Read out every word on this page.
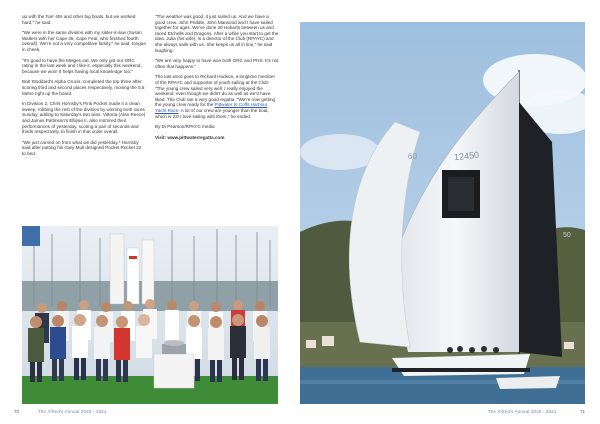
up with the Farr 40s and other big boats, but we worked hard," he said.

"We were in the same division with my sister-in-law (Susan Walters with her Cape 35, Cape Fear, who finished fourth overall). We're not a very competitive family," he said, tongue in cheek.

"It's good to have the Melges out. We only got our ORC rating in the last week and I like it, especially this weekend, because we won! It helps having local knowledge too."

Bob Stoddard's Alpha Crucis, completed the top three after scoring third and second places respectively, moving the 5.5 Metre right up the board.

In Division 2, Chris Hornsby's Pink Pocket made it a clean sweep, robbing the rest of the division by winning both races Sunday, adding to Saturday's two wins. Vittoria (Alan Reece) and James Pattinson's Ellipse II, also mirrored their performances of yesterday, scoring a pair of seconds and thirds respectively, to finish in that order overall.

"We just carried on from what we did yesterday," Hornsby said after putting his Gary Mull designed Pocket Rocket 22 to bed.

"The weather was good, it just suited us. And we have a good crew. John Priddle, John Marwood and I have sailed together for ages. We've done 20 Hobarts between us and raced Etchells and Dragons. After a while you start to get the idea. Julia (his wife), is a director of the Club (RPAYC) and she always sails with us. She keeps us all in line," he said laughing.

"We are very happy to have won both ORC and PHS. It's not often that happens."

The last word goes to Richard Hudson, a longtime member of the RPAYC and supporter of youth sailing at the Club: "The young crew sailed very well. I really enjoyed the weekend, even though we didn't do as well as we'd have liked. The Club ran a very good regatta. "We're now getting the young crew ready for the Pittwater to Coffs Harbour Yacht Race. A lot of our crew are younger than the boat, which is 23! I love sailing with them," he ended.

By Di Pearson/RPAYC media

Visit: www.pittwaterregatta.com

70	The Alfred's Annual 2020 - 2021
12450
60
50
The Alfred's Annual 2020 - 2021	71
